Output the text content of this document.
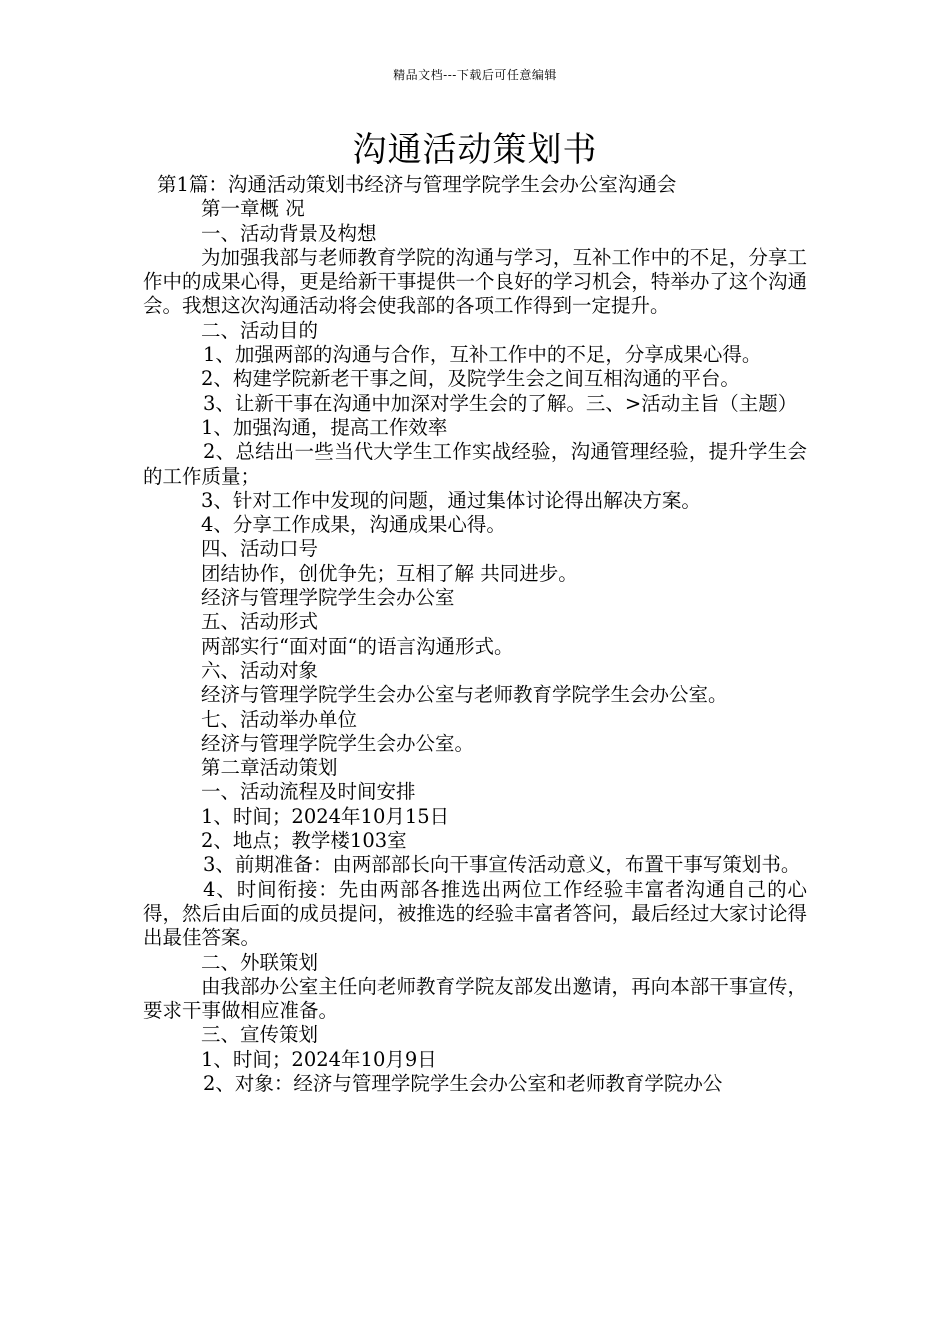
精品文档---下载后可任意编辑
沟通活动策划书

第1篇：沟通活动策划书经济与管理学院学生会办公室沟通会

第一章概 况

一、活动背景及构想

为加强我部与老师教育学院的沟通与学习，互补工作中的不足，分享工作中的成果心得，更是给新干事提供一个良好的学习机会，特举办了这个沟通会。我想这次沟通活动将会使我部的各项工作得到一定提升。

二、活动目的

1、加强两部的沟通与合作，互补工作中的不足，分享成果心得。

2、构建学院新老干事之间，及院学生会之间互相沟通的平台。

3、让新干事在沟通中加深对学生会的了解。三、>活动主旨（主题）

1、加强沟通，提高工作效率

2、总结出一些当代大学生工作实战经验，沟通管理经验，提升学生会的工作质量；

3、针对工作中发现的问题，通过集体讨论得出解决方案。

4、分享工作成果，沟通成果心得。

四、活动口号

团结协作，创优争先；互相了解 共同进步。

经济与管理学院学生会办公室

五、活动形式

两部实行“面对面“的语言沟通形式。

六、活动对象

经济与管理学院学生会办公室与老师教育学院学生会办公室。

七、活动举办单位

经济与管理学院学生会办公室。

第二章活动策划

一、活动流程及时间安排

1、时间；2024年10月15日

2、地点；教学楼103室

3、前期准备：由两部部长向干事宣传活动意义，布置干事写策划书。

4、时间衔接：先由两部各推选出两位工作经验丰富者沟通自己的心得，然后由后面的成员提问，被推选的经验丰富者答问，最后经过大家讨论得出最佳答案。

二、外联策划

由我部办公室主任向老师教育学院友部发出邀请，再向本部干事宣传，要求干事做相应准备。

三、宣传策划

1、时间；2024年10月9日

2、对象：经济与管理学院学生会办公室和老师教育学院办公
